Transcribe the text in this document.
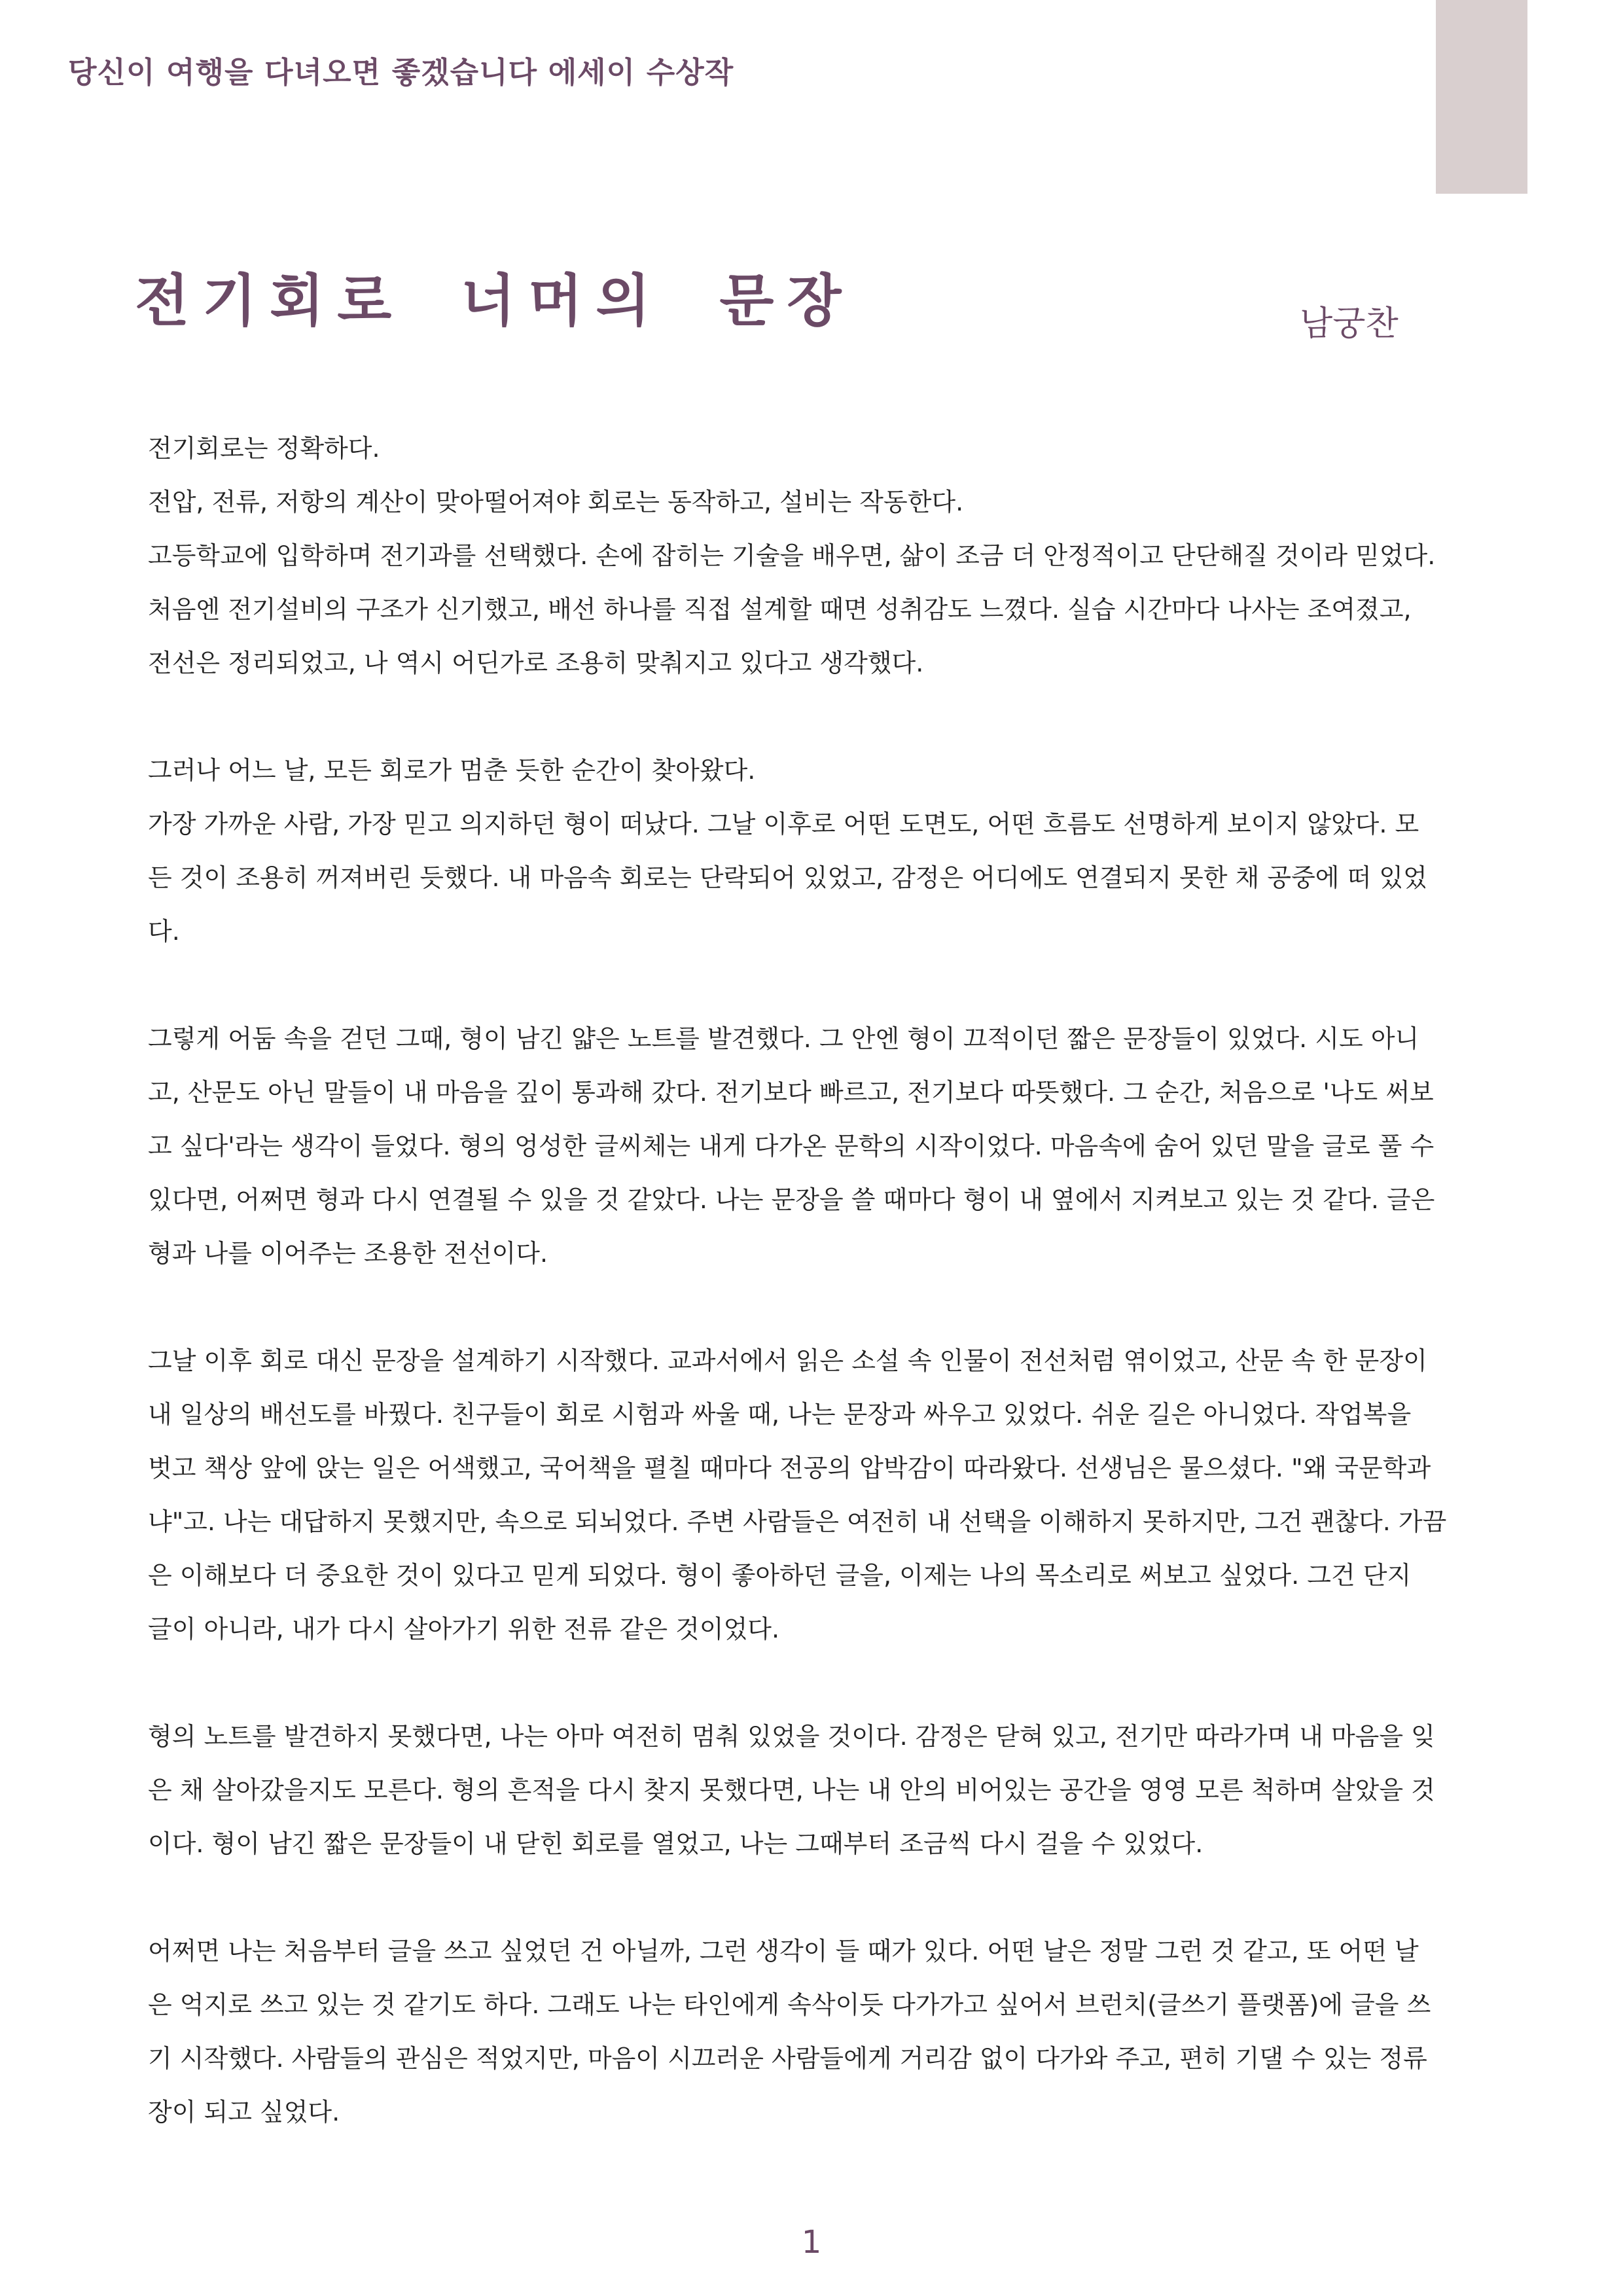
당신이 여행을 다녀오면 좋겠습니다 에세이 수상작
전기회로 너머의 문장	남궁찬

전기회로는 정확하다.
전압, 전류, 저항의 계산이 맞아떨어져야 회로는 동작하고, 설비는 작동한다.
고등학교에 입학하며 전기과를 선택했다. 손에 잡히는 기술을 배우면, 삶이 조금 더 안정적이고 단단해질 것이라 믿었다.
처음엔 전기설비의 구조가 신기했고, 배선 하나를 직접 설계할 때면 성취감도 느꼈다. 실습 시간마다 나사는 조여졌고,
전선은 정리되었고, 나 역시 어딘가로 조용히 맞춰지고 있다고 생각했다.

그러나 어느 날, 모든 회로가 멈춘 듯한 순간이 찾아왔다.
가장 가까운 사람, 가장 믿고 의지하던 형이 떠났다. 그날 이후로 어떤 도면도, 어떤 흐름도 선명하게 보이지 않았다. 모
든 것이 조용히 꺼져버린 듯했다. 내 마음속 회로는 단락되어 있었고, 감정은 어디에도 연결되지 못한 채 공중에 떠 있었
다.

그렇게 어둠 속을 걷던 그때, 형이 남긴 얇은 노트를 발견했다. 그 안엔 형이 끄적이던 짧은 문장들이 있었다. 시도 아니
고, 산문도 아닌 말들이 내 마음을 깊이 통과해 갔다. 전기보다 빠르고, 전기보다 따뜻했다. 그 순간, 처음으로 '나도 써보
고 싶다'라는 생각이 들었다. 형의 엉성한 글씨체는 내게 다가온 문학의 시작이었다. 마음속에 숨어 있던 말을 글로 풀 수
있다면, 어쩌면 형과 다시 연결될 수 있을 것 같았다. 나는 문장을 쓸 때마다 형이 내 옆에서 지켜보고 있는 것 같다. 글은
형과 나를 이어주는 조용한 전선이다.

그날 이후 회로 대신 문장을 설계하기 시작했다. 교과서에서 읽은 소설 속 인물이 전선처럼 엮이었고, 산문 속 한 문장이
내 일상의 배선도를 바꿨다. 친구들이 회로 시험과 싸울 때, 나는 문장과 싸우고 있었다. 쉬운 길은 아니었다. 작업복을
벗고 책상 앞에 앉는 일은 어색했고, 국어책을 펼칠 때마다 전공의 압박감이 따라왔다. 선생님은 물으셨다. "왜 국문학과
냐"고. 나는 대답하지 못했지만, 속으로 되뇌었다. 주변 사람들은 여전히 내 선택을 이해하지 못하지만, 그건 괜찮다. 가끔
은 이해보다 더 중요한 것이 있다고 믿게 되었다. 형이 좋아하던 글을, 이제는 나의 목소리로 써보고 싶었다. 그건 단지
글이 아니라, 내가 다시 살아가기 위한 전류 같은 것이었다.

형의 노트를 발견하지 못했다면, 나는 아마 여전히 멈춰 있었을 것이다. 감정은 닫혀 있고, 전기만 따라가며 내 마음을 잊
은 채 살아갔을지도 모른다. 형의 흔적을 다시 찾지 못했다면, 나는 내 안의 비어있는 공간을 영영 모른 척하며 살았을 것
이다. 형이 남긴 짧은 문장들이 내 닫힌 회로를 열었고, 나는 그때부터 조금씩 다시 걸을 수 있었다.

어쩌면 나는 처음부터 글을 쓰고 싶었던 건 아닐까, 그런 생각이 들 때가 있다. 어떤 날은 정말 그런 것 같고, 또 어떤 날
은 억지로 쓰고 있는 것 같기도 하다. 그래도 나는 타인에게 속삭이듯 다가가고 싶어서 브런치(글쓰기 플랫폼)에 글을 쓰
기 시작했다. 사람들의 관심은 적었지만, 마음이 시끄러운 사람들에게 거리감 없이 다가와 주고, 편히 기댈 수 있는 정류
장이 되고 싶었다.

1
